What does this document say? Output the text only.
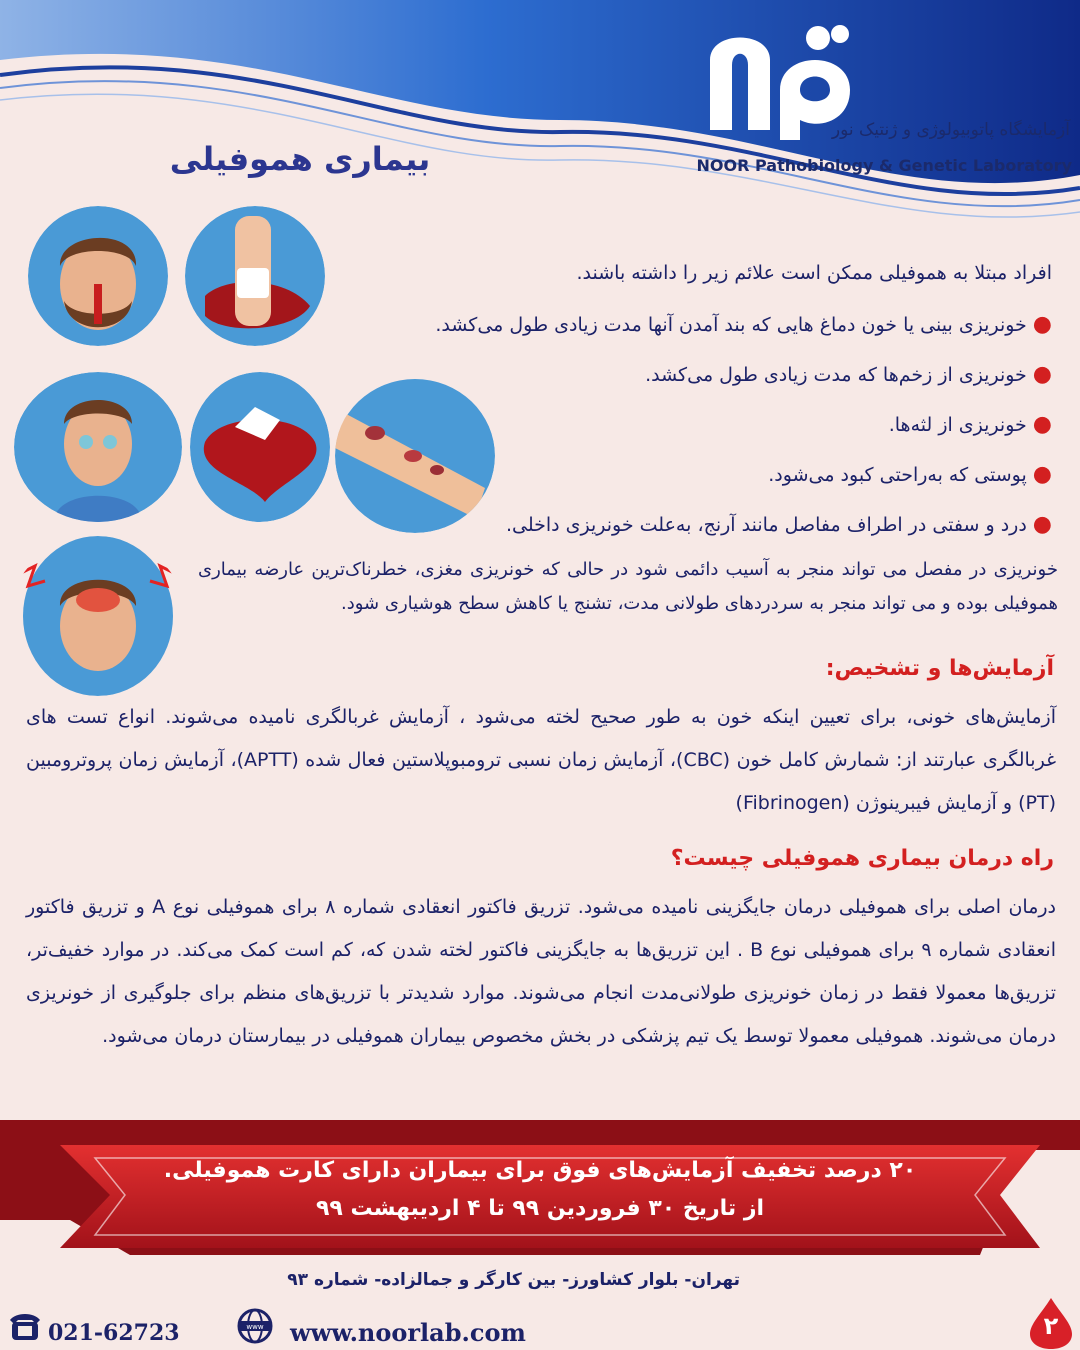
آزمایشگاه پاتوبیولوژی و ژنتیک نور
NOOR Pathobiology & Genetic Laboratory
بیماری هموفیلی
افراد مبتلا به هموفیلی ممکن است علائم زیر را داشته باشند.
●خونریزی بینی یا خون دماغ هایی که بند آمدن آنها مدت زیادی طول می‌کشد.
●خونریزی از زخم‌ها که مدت زیادی طول می‌کشد.
●خونریزی از لثه‌ها.
●پوستی که به‌راحتی کبود می‌شود.
●درد و سفتی در اطراف مفاصل مانند آرنج، به‌علت خونریزی داخلی.
خونریزی در مفصل می تواند منجر به آسیب دائمی شود در حالی که خونریزی مغزی، خطرناک‌ترین عارضه بیماری هموفیلی بوده و می تواند منجر به سردردهای طولانی مدت، تشنج یا کاهش سطح هوشیاری شود.
آزمایش‌ها و تشخیص:
آزمایش‌های خونی، برای تعیین اینکه خون به طور صحیح لخته می‌شود ، آزمایش غربالگری نامیده می‌شوند. انواع تست های غربالگری عبارتند از: شمارش کامل خون (CBC)، آزمایش زمان نسبی ترومبوپلاستین فعال شده (APTT)، آزمایش زمان پروترومبین (PT) و آزمایش فیبرینوژن (Fibrinogen)
راه درمان بیماری هموفیلی چیست؟
درمان اصلی برای هموفیلی درمان جایگزینی نامیده می‌شود. تزریق فاکتور انعقادی شماره ۸ برای هموفیلی نوع A و تزریق فاکتور انعقادی شماره ۹ برای هموفیلی نوع B . این تزریق‌ها به جایگزینی فاکتور لخته شدن که، کم است کمک می‌کند. در موارد خفیف‌تر، تزریق‌ها معمولا فقط در زمان خونریزی طولانی‌مدت انجام می‌شوند. موارد شدیدتر با تزریق‌های منظم برای جلوگیری از خونریزی درمان می‌شوند. هموفیلی معمولا توسط یک تیم پزشکی در بخش مخصوص بیماران هموفیلی در بیمارستان درمان می‌شود.
۲۰ درصد تخفیف آزمایش‌های فوق برای بیماران دارای کارت هموفیلی.
از تاریخ ۳۰ فروردین ۹۹ تا ۴ اردیبهشت ۹۹
تهران- بلوار کشاورز- بین کارگر و جمالزاده- شماره ۹۳
021-62723	www www.noorlab.com	۲
